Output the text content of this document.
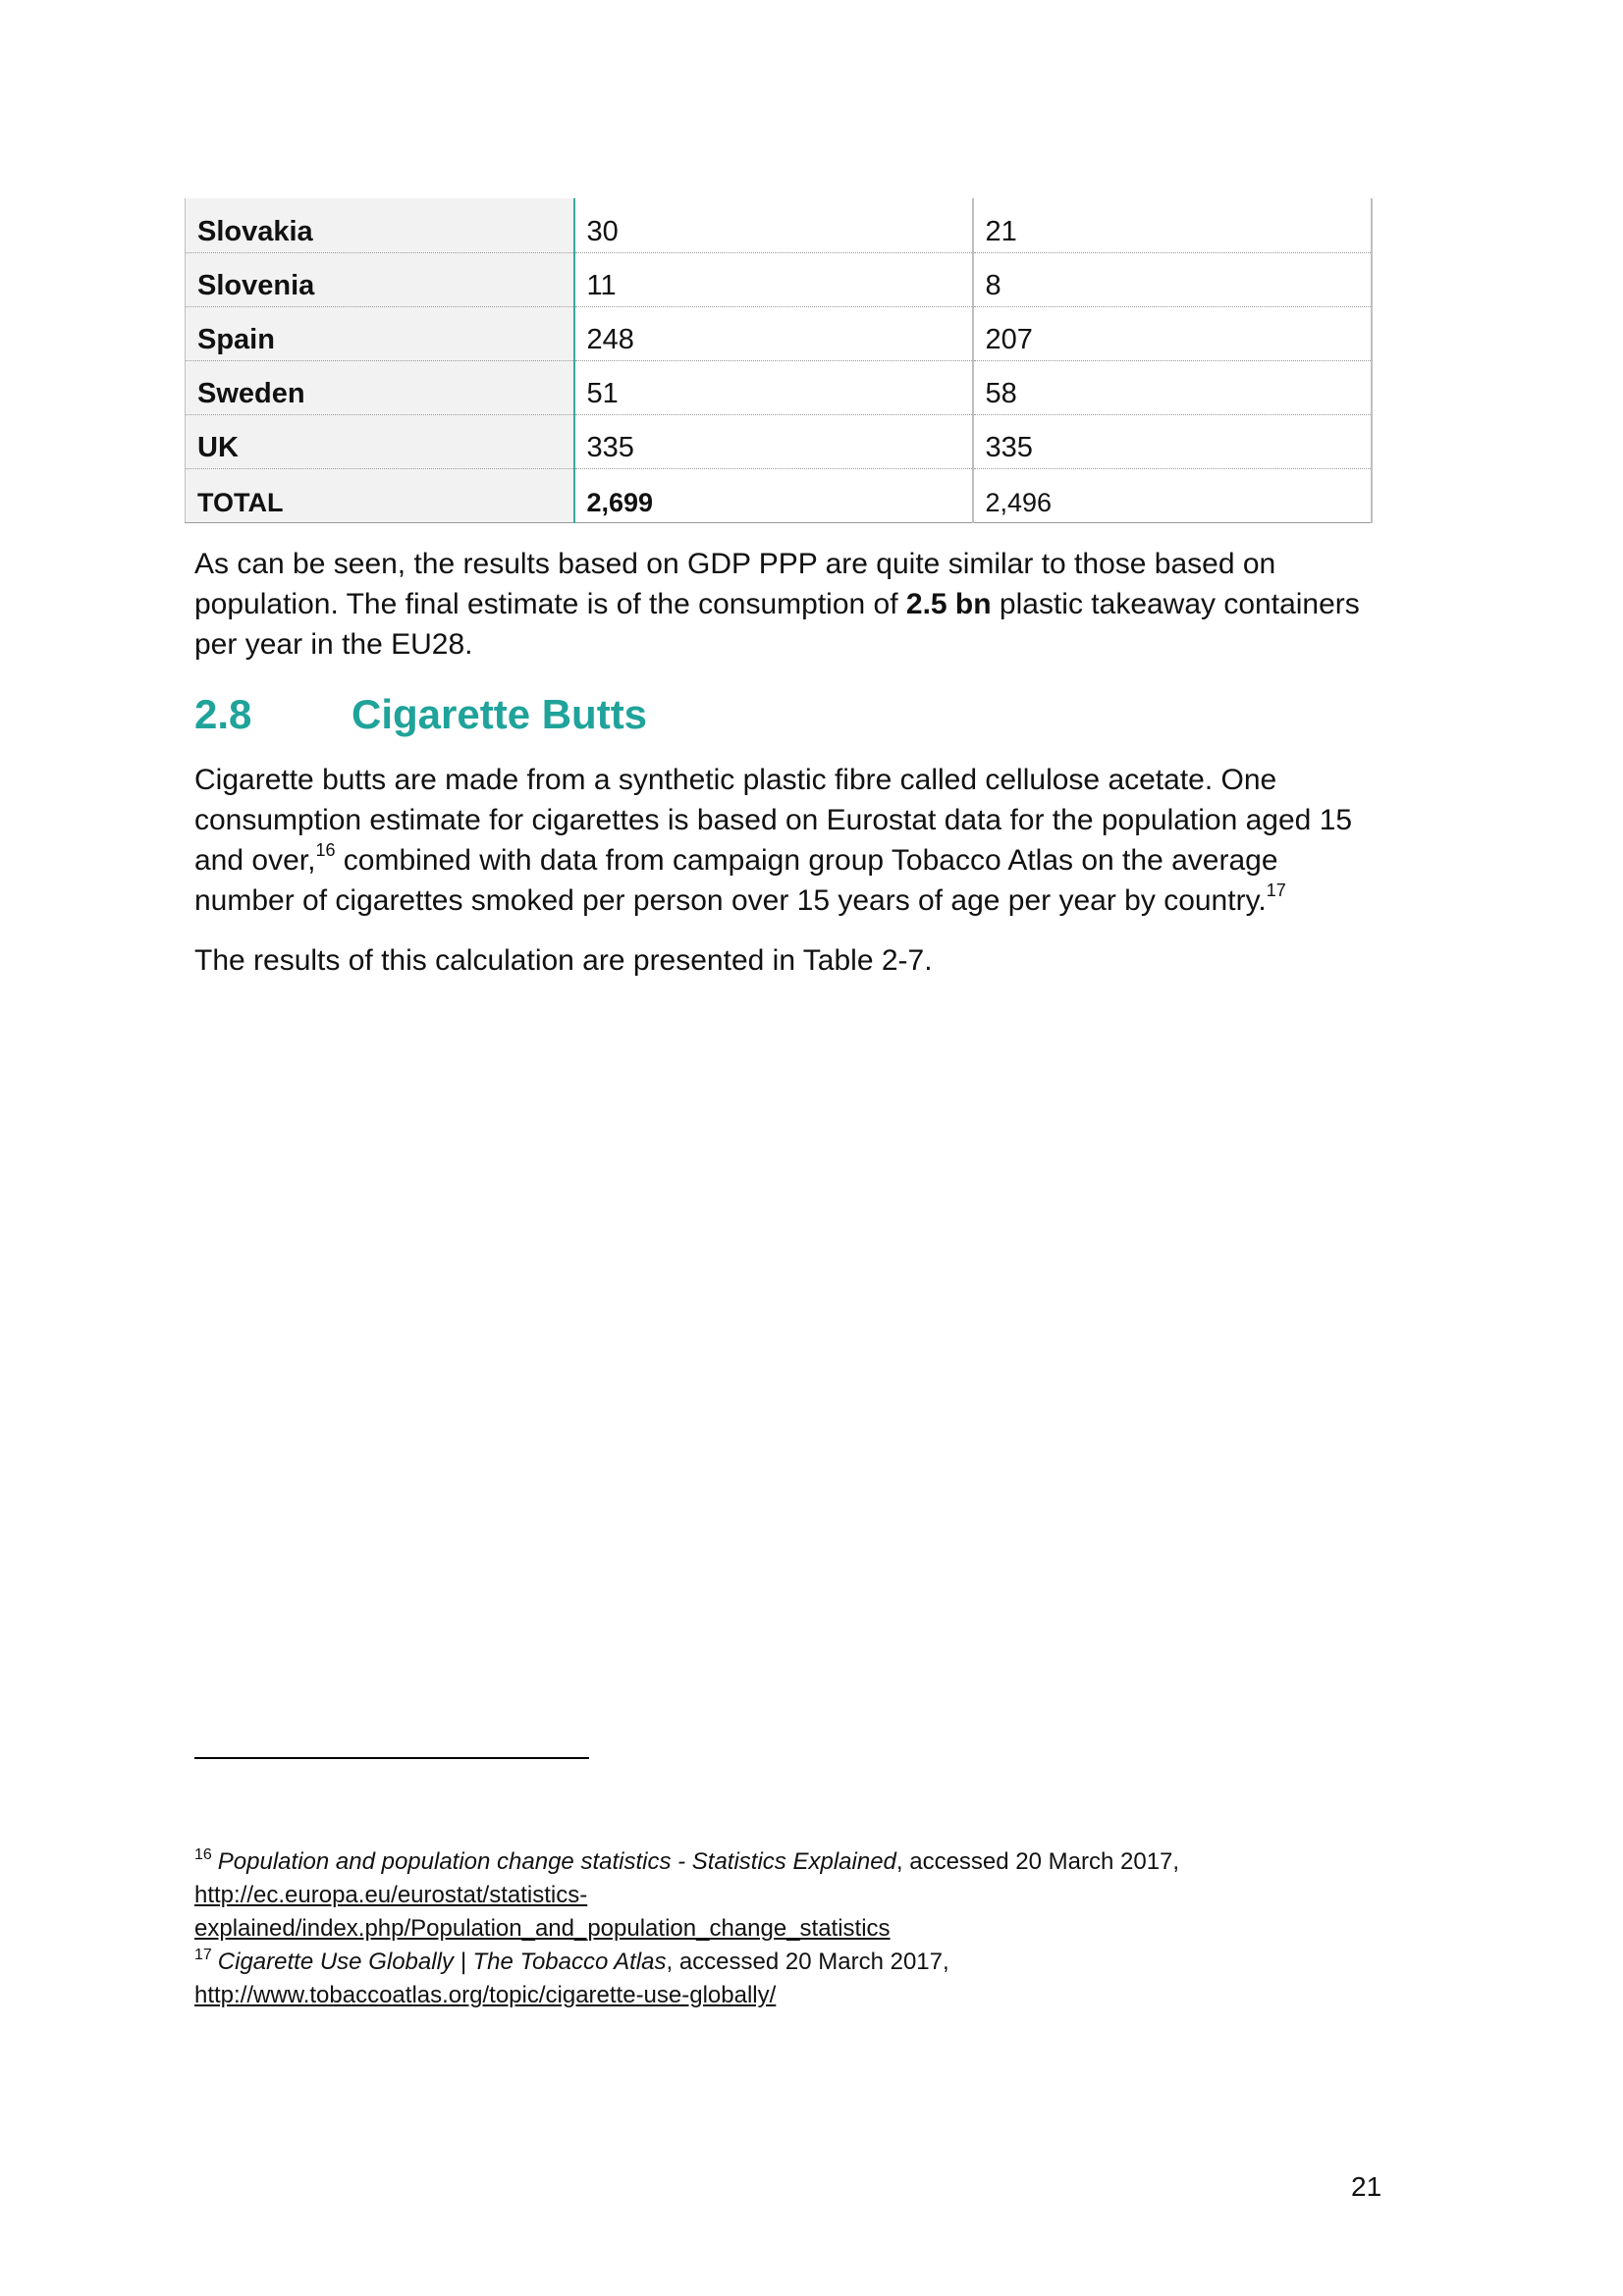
Slovakia	30	21
Slovenia	11	8
Spain	248	207
Sweden	51	58
UK	335	335
TOTAL	2,699	2,496

As can be seen, the results based on GDP PPP are quite similar to those based on population. The final estimate is of the consumption of 2.5 bn plastic takeaway containers per year in the EU28.

2.8 Cigarette Butts

Cigarette butts are made from a synthetic plastic fibre called cellulose acetate. One consumption estimate for cigarettes is based on Eurostat data for the population aged 15 and over,$^{16}$ combined with data from campaign group Tobacco Atlas on the average number of cigarettes smoked per person over 15 years of age per year by country.$^{17}$

The results of this calculation are presented in Table 2-7.

$^{16}$ Population and population change statistics - Statistics Explained, accessed 20 March 2017,

http://ec.europa.eu/eurostat/statistics-
explained/index.php/Population_and_population_change_statistics

$^{17}$ Cigarette Use Globally | The Tobacco Atlas, accessed 20 March 2017,

http://www.tobaccoatlas.org/topic/cigarette-use-globally/
21
